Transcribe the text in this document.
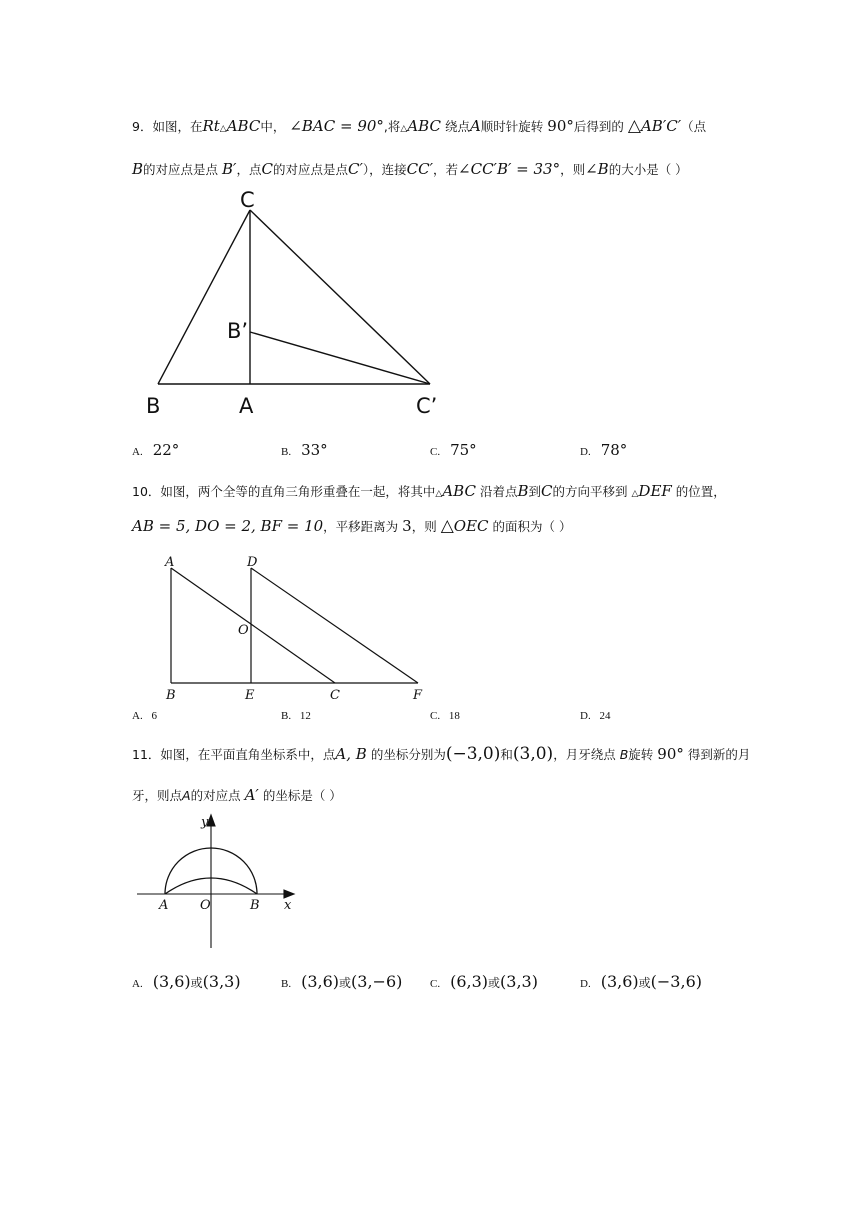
9．如图，在Rt△ABC中， ∠BAC = 90°,将△ABC 绕点A顺时针旋转 90°后得到的 △AB′C′（点
B的对应点是点 B′，点C的对应点是点C′），连接CC′，若∠CC′B′ = 33°，则∠B的大小是（ ）
C
B’
B	A	C’
A. 22°	B. 33°	C. 75°	D. 78°
10．如图，两个全等的直角三角形重叠在一起，将其中△ABC 沿着点B到C的方向平移到 △DEF 的位置，
AB = 5, DO = 2, BF = 10，平移距离为 3，则 △OEC 的面积为（ ）
A	D
O
B	E	C	F
A. 6	B. 12	C. 18	D. 24
11．如图，在平面直角坐标系中，点A, B 的坐标分别为(−3,0)和(3,0)，月牙绕点 B旋转 90° 得到新的月
牙，则点A的对应点 A′ 的坐标是（ ）
y
x
A O	B
A. (3,6)或(3,3)	B. (3,6)或(3,−6)	C. (6,3)或(3,3)	D. (3,6)或(−3,6)
